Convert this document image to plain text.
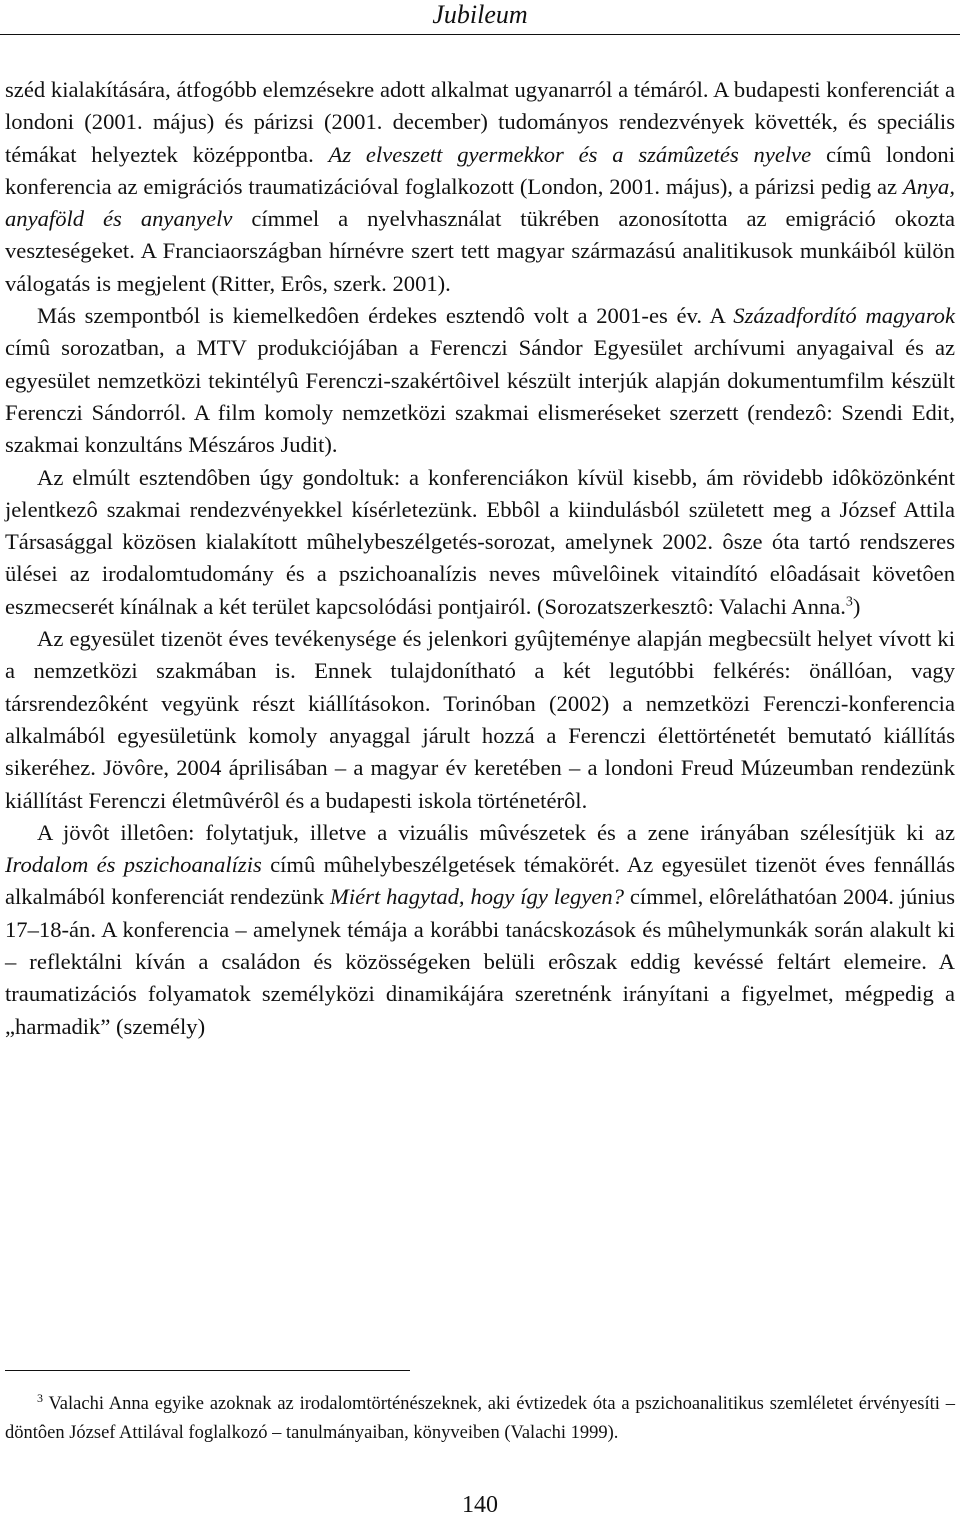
Jubileum

széd kialakítására, átfogóbb elemzésekre adott alkalmat ugyanarról a témáról. A budapesti konferenciát a londoni (2001. május) és párizsi (2001. december) tudományos rendezvények követték, és speciális témákat helyeztek középpontba. Az elveszett gyermekkor és a számûzetés nyelve címû londoni konferencia az emigrációs traumatizációval foglalkozott (London, 2001. május), a párizsi pedig az Anya, anyaföld és anyanyelv címmel a nyelvhasználat tükrében azonosította az emigráció okozta veszteségeket. A Franciaországban hírnévre szert tett magyar származású analitikusok munkáiból külön válogatás is megjelent (Ritter, Erôs, szerk. 2001).

Más szempontból is kiemelkedôen érdekes esztendô volt a 2001-es év. A Századfordító magyarok címû sorozatban, a MTV produkciójában a Ferenczi Sándor Egyesület archívumi anyagaival és az egyesület nemzetközi tekintélyû Ferenczi-szakértôivel készült interjúk alapján dokumentumfilm készült Ferenczi Sándorról. A film komoly nemzetközi szakmai elismeréseket szerzett (rendezô: Szendi Edit, szakmai konzultáns Mészáros Judit).

Az elmúlt esztendôben úgy gondoltuk: a konferenciákon kívül kisebb, ám rövidebb idôközönként jelentkezô szakmai rendezvényekkel kísérletezünk. Ebbôl a kiindulásból született meg a József Attila Társasággal közösen kialakított mûhelybeszélgetés-sorozat, amelynek 2002. ôsze óta tartó rendszeres ülései az irodalomtudomány és a pszichoanalízis neves mûvelôinek vitaindító elôadásait követôen eszmecserét kínálnak a két terület kapcsolódási pontjairól. (Sorozatszerkesztô: Valachi Anna.$^3$)

Az egyesület tizenöt éves tevékenysége és jelenkori gyûjteménye alapján megbecsült helyet vívott ki a nemzetközi szakmában is. Ennek tulajdonítható a két legutóbbi felkérés: önállóan, vagy társrendezôként vegyünk részt kiállításokon. Torinóban (2002) a nemzetközi Ferenczi-konferencia alkalmából egyesületünk komoly anyaggal járult hozzá a Ferenczi élettörténetét bemutató kiállítás sikeréhez. Jövôre, 2004 áprilisában – a magyar év keretében – a londoni Freud Múzeumban rendezünk kiállítást Ferenczi életmûvérôl és a budapesti iskola történetérôl.

A jövôt illetôen: folytatjuk, illetve a vizuális mûvészetek és a zene irányában szélesítjük ki az Irodalom és pszichoanalízis címû mûhelybeszélgetések témakörét. Az egyesület tizenöt éves fennállás alkalmából konferenciát rendezünk Miért hagytad, hogy így legyen? címmel, elôreláthatóan 2004. június 17–18-án. A konferencia – amelynek témája a korábbi tanácskozások és mûhelymunkák során alakult ki – reflektálni kíván a családon és közösségeken belüli erôszak eddig kevéssé feltárt elemeire. A traumatizációs folyamatok személyközi dinamikájára szeretnénk irányítani a figyelmet, mégpedig a „harmadik” (személy)

$^3$ Valachi Anna egyike azoknak az irodalomtörténészeknek, aki évtizedek óta a pszichoanalitikus szemléletet érvényesíti – döntôen József Attilával foglalkozó – tanulmányaiban, könyveiben (Valachi 1999).

140
